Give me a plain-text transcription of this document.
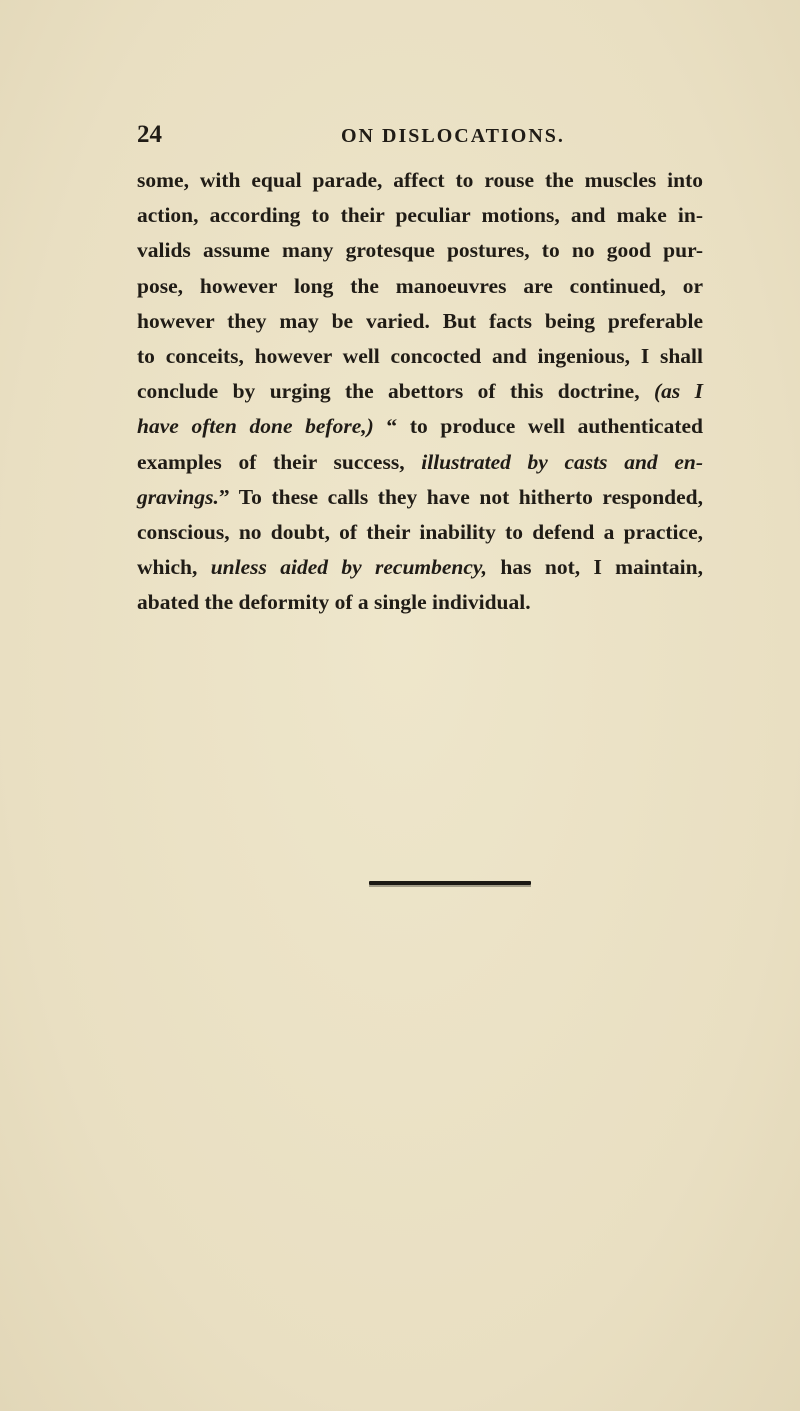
24	ON DISLOCATIONS.
some, with equal parade, affect to rouse the muscles into
action, according to their peculiar motions, and make in-
valids assume many grotesque postures, to no good pur-
pose, however long the manoeuvres are continued, or
however they may be varied. But facts being preferable
to conceits, however well concocted and ingenious, I shall
conclude by urging the abettors of this doctrine, (as I
have often done before,) “ to produce well authenticated
examples of their success, illustrated by casts and en-
gravings.” To these calls they have not hitherto responded,
conscious, no doubt, of their inability to defend a practice,
which, unless aided by recumbency, has not, I maintain,
abated the deformity of a single individual.
